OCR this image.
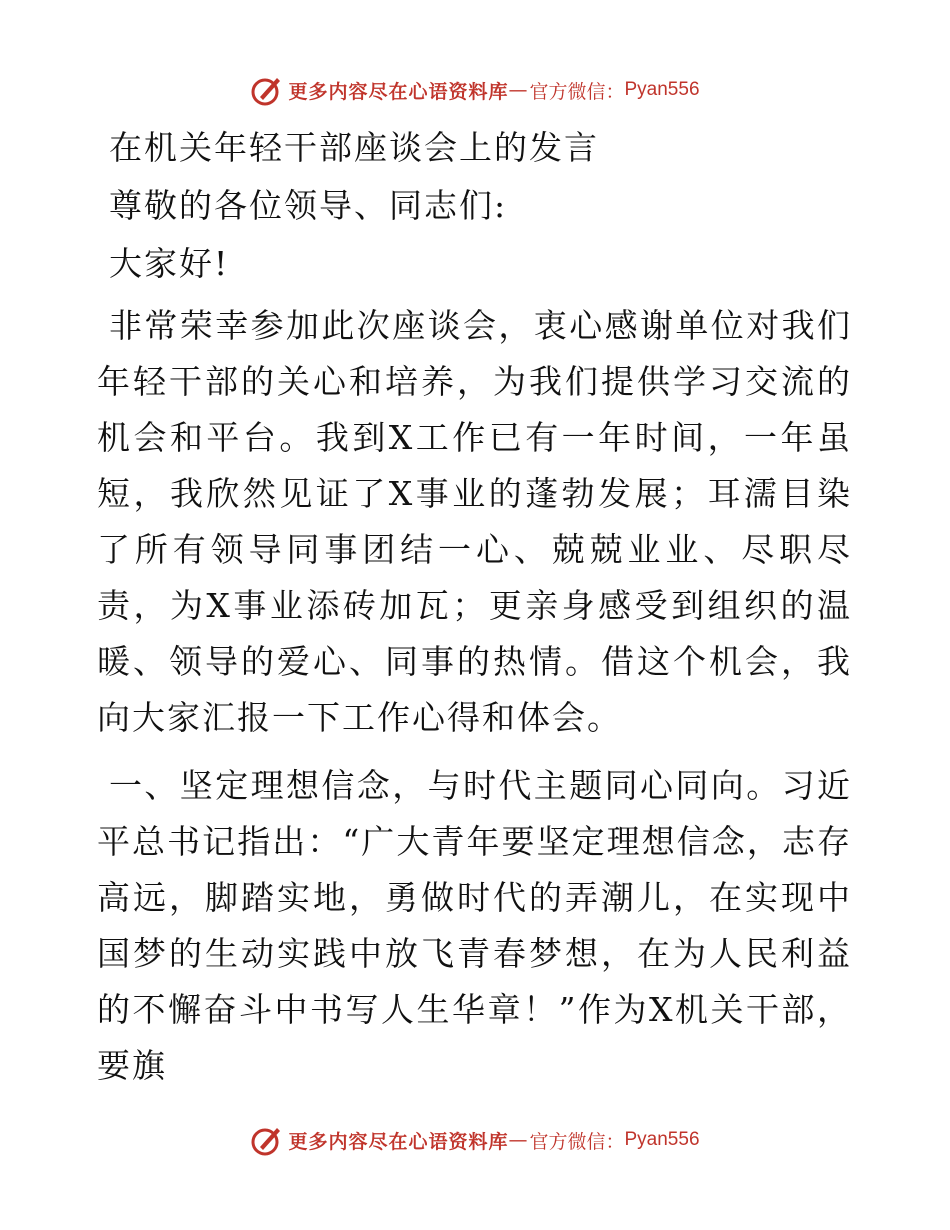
更多内容尽在心语资料库 — 官方微信： Pyan556

在机关年轻干部座谈会上的发言

尊敬的各位领导、同志们:

大家好!

非常荣幸参加此次座谈会，衷心感谢单位对我们年轻干部的关心和培养，为我们提供学习交流的机会和平台。我到X工作已有一年时间，一年虽短，我欣然见证了X事业的蓬勃发展；耳濡目染了所有领导同事团结一心、兢兢业业、尽职尽责，为X事业添砖加瓦；更亲身感受到组织的温暖、领导的爱心、同事的热情。借这个机会，我向大家汇报一下工作心得和体会。

一、坚定理想信念，与时代主题同心同向。习近平总书记指出：“广大青年要坚定理想信念，志存高远，脚踏实地，勇做时代的弄潮儿，在实现中国梦的生动实践中放飞青春梦想，在为人民利益的不懈奋斗中书写人生华章！”作为X机关干部，要旗

更多内容尽在心语资料库 — 官方微信： Pyan556
